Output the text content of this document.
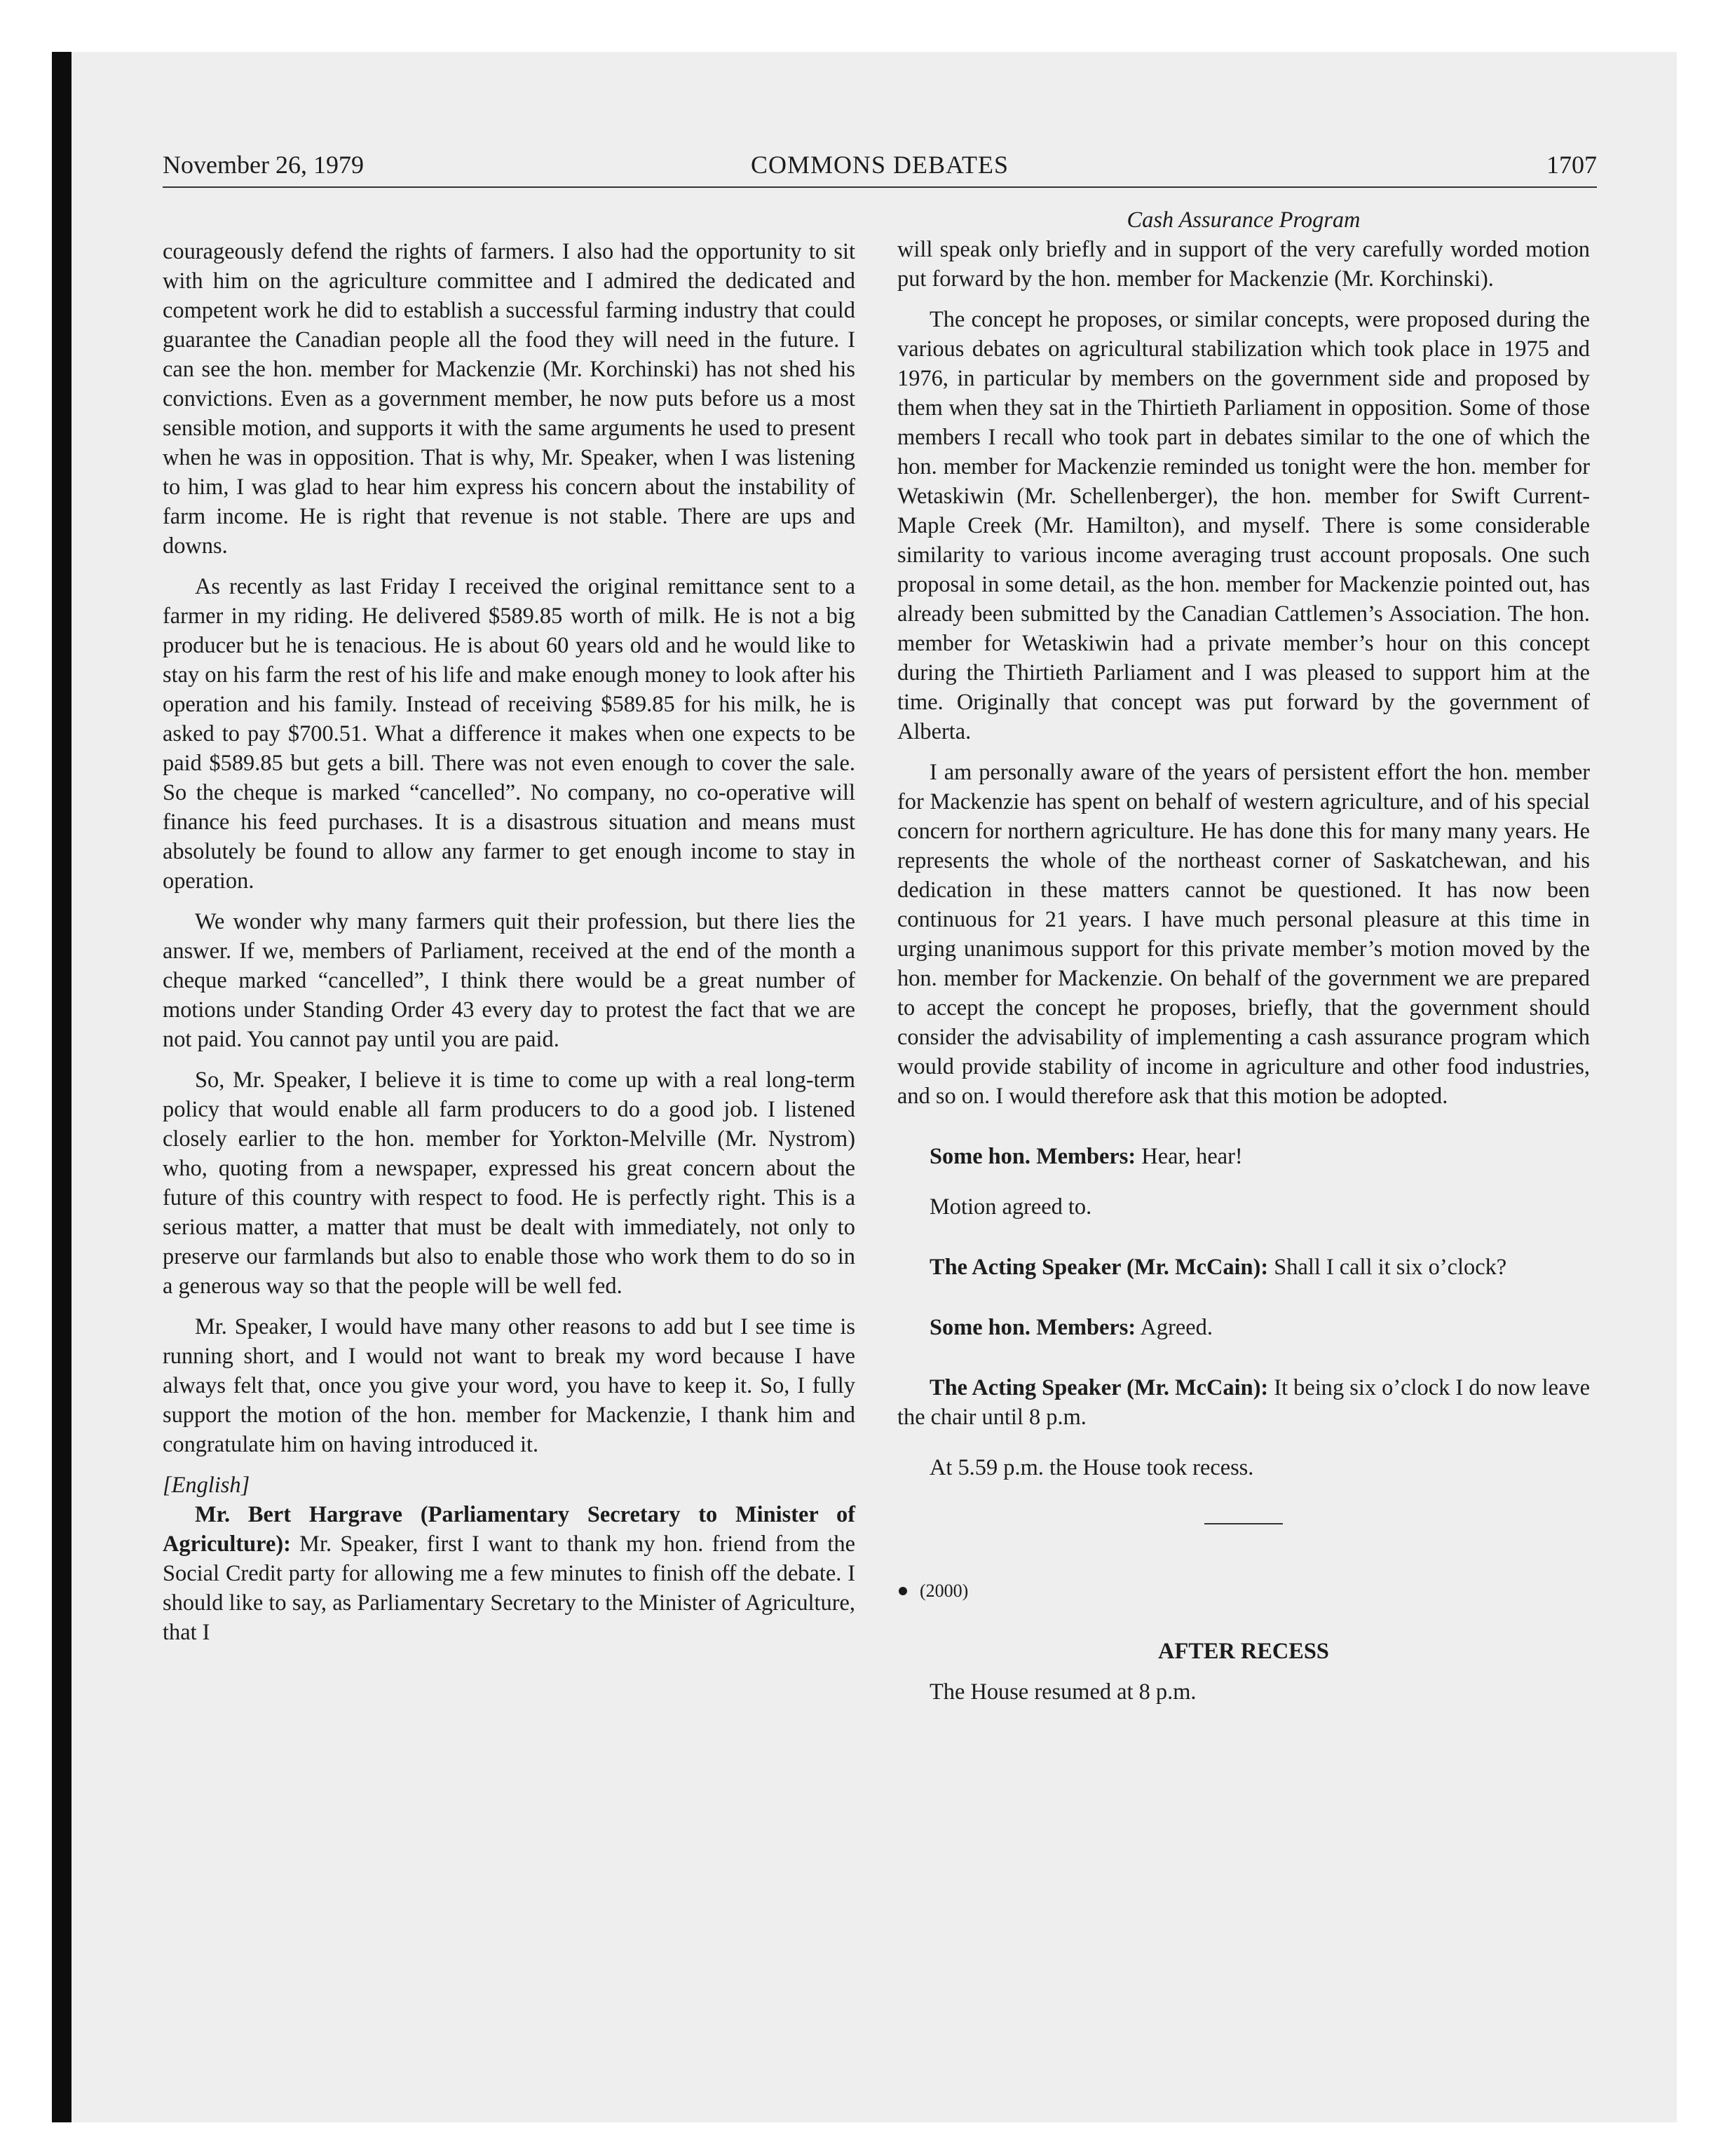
November 26, 1979	COMMONS DEBATES	1707

courageously defend the rights of farmers. I also had the opportunity to sit with him on the agriculture committee and I admired the dedicated and competent work he did to establish a successful farming industry that could guarantee the Canadian people all the food they will need in the future. I can see the hon. member for Mackenzie (Mr. Korchinski) has not shed his convictions. Even as a government member, he now puts before us a most sensible motion, and supports it with the same arguments he used to present when he was in opposition. That is why, Mr. Speaker, when I was listening to him, I was glad to hear him express his concern about the instability of farm income. He is right that revenue is not stable. There are ups and downs.

As recently as last Friday I received the original remittance sent to a farmer in my riding. He delivered $589.85 worth of milk. He is not a big producer but he is tenacious. He is about 60 years old and he would like to stay on his farm the rest of his life and make enough money to look after his operation and his family. Instead of receiving $589.85 for his milk, he is asked to pay $700.51. What a difference it makes when one expects to be paid $589.85 but gets a bill. There was not even enough to cover the sale. So the cheque is marked “cancelled”. No company, no co-operative will finance his feed purchases. It is a disastrous situation and means must absolutely be found to allow any farmer to get enough income to stay in operation.

We wonder why many farmers quit their profession, but there lies the answer. If we, members of Parliament, received at the end of the month a cheque marked “cancelled”, I think there would be a great number of motions under Standing Order 43 every day to protest the fact that we are not paid. You cannot pay until you are paid.

So, Mr. Speaker, I believe it is time to come up with a real long-term policy that would enable all farm producers to do a good job. I listened closely earlier to the hon. member for Yorkton-Melville (Mr. Nystrom) who, quoting from a newspaper, expressed his great concern about the future of this country with respect to food. He is perfectly right. This is a serious matter, a matter that must be dealt with immediately, not only to preserve our farmlands but also to enable those who work them to do so in a generous way so that the people will be well fed.

Mr. Speaker, I would have many other reasons to add but I see time is running short, and I would not want to break my word because I have always felt that, once you give your word, you have to keep it. So, I fully support the motion of the hon. member for Mackenzie, I thank him and congratulate him on having introduced it.

[English]

Mr. Bert Hargrave (Parliamentary Secretary to Minister of Agriculture): Mr. Speaker, first I want to thank my hon. friend from the Social Credit party for allowing me a few minutes to finish off the debate. I should like to say, as Parliamentary Secretary to the Minister of Agriculture, that I

Cash Assurance Program

will speak only briefly and in support of the very carefully worded motion put forward by the hon. member for Mackenzie (Mr. Korchinski).

The concept he proposes, or similar concepts, were proposed during the various debates on agricultural stabilization which took place in 1975 and 1976, in particular by members on the government side and proposed by them when they sat in the Thirtieth Parliament in opposition. Some of those members I recall who took part in debates similar to the one of which the hon. member for Mackenzie reminded us tonight were the hon. member for Wetaskiwin (Mr. Schellenberger), the hon. member for Swift Current-Maple Creek (Mr. Hamilton), and myself. There is some considerable similarity to various income averaging trust account proposals. One such proposal in some detail, as the hon. member for Mackenzie pointed out, has already been submitted by the Canadian Cattlemen’s Association. The hon. member for Wetaskiwin had a private member’s hour on this concept during the Thirtieth Parliament and I was pleased to support him at the time. Originally that concept was put forward by the government of Alberta.

I am personally aware of the years of persistent effort the hon. member for Mackenzie has spent on behalf of western agriculture, and of his special concern for northern agriculture. He has done this for many many years. He represents the whole of the northeast corner of Saskatchewan, and his dedication in these matters cannot be questioned. It has now been continuous for 21 years. I have much personal pleasure at this time in urging unanimous support for this private member’s motion moved by the hon. member for Mackenzie. On behalf of the government we are prepared to accept the concept he proposes, briefly, that the government should consider the advisability of implementing a cash assurance program which would provide stability of income in agriculture and other food industries, and so on. I would therefore ask that this motion be adopted.

Some hon. Members: Hear, hear!

Motion agreed to.

The Acting Speaker (Mr. McCain): Shall I call it six o’clock?

Some hon. Members: Agreed.

The Acting Speaker (Mr. McCain): It being six o’clock I do now leave the chair until 8 p.m.

At 5.59 p.m. the House took recess.

(2000)

AFTER RECESS

The House resumed at 8 p.m.
